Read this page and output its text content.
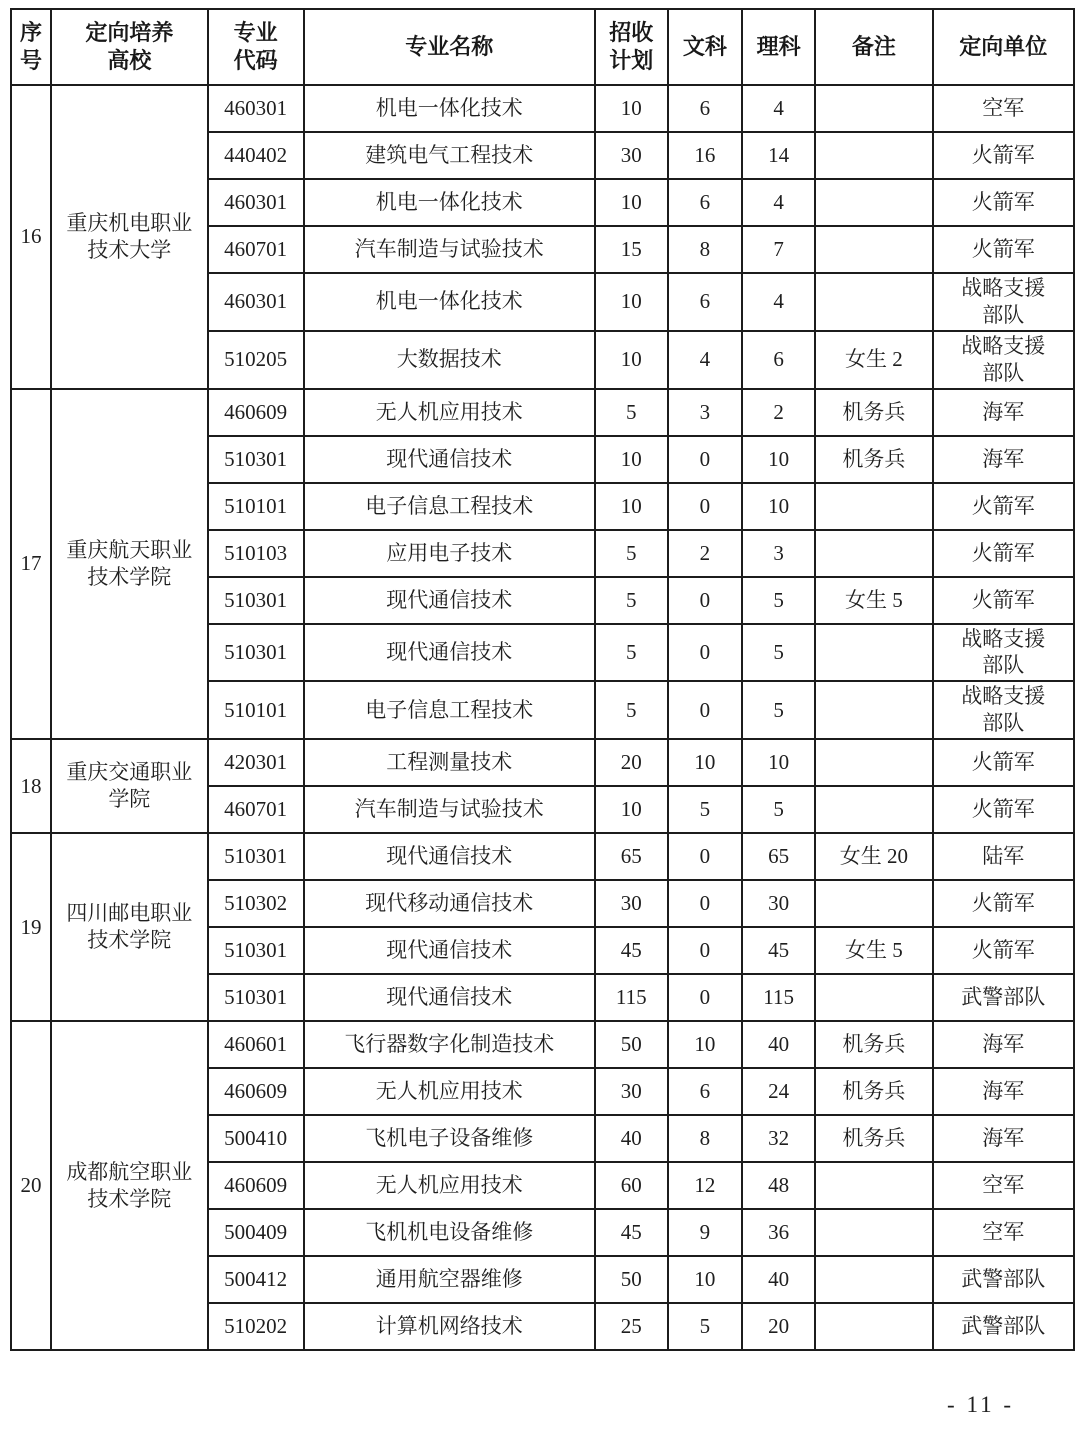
序号	定向培养高校	专业代码	专业名称	招收计划	文科	理科	备注	定向单位
16	重庆机电职业技术大学	460301	机电一体化技术	10	6	4		空军
		440402	建筑电气工程技术	30	16	14		火箭军
		460301	机电一体化技术	10	6	4		火箭军
		460701	汽车制造与试验技术	15	8	7		火箭军
		460301	机电一体化技术	10	6	4		战略支援部队
		510205	大数据技术	10	4	6	女生 2	战略支援部队
17	重庆航天职业技术学院	460609	无人机应用技术	5	3	2	机务兵	海军
		510301	现代通信技术	10	0	10	机务兵	海军
		510101	电子信息工程技术	10	0	10		火箭军
		510103	应用电子技术	5	2	3		火箭军
		510301	现代通信技术	5	0	5	女生 5	火箭军
		510301	现代通信技术	5	0	5		战略支援部队
		510101	电子信息工程技术	5	0	5		战略支援部队
18	重庆交通职业学院	420301	工程测量技术	20	10	10		火箭军
		460701	汽车制造与试验技术	10	5	5		火箭军
19	四川邮电职业技术学院	510301	现代通信技术	65	0	65	女生 20	陆军
		510302	现代移动通信技术	30	0	30		火箭军
		510301	现代通信技术	45	0	45	女生 5	火箭军
		510301	现代通信技术	115	0	115		武警部队
20	成都航空职业技术学院	460601	飞行器数字化制造技术	50	10	40	机务兵	海军
		460609	无人机应用技术	30	6	24	机务兵	海军
		500410	飞机电子设备维修	40	8	32	机务兵	海军
		460609	无人机应用技术	60	12	48		空军
		500409	飞机机电设备维修	45	9	36		空军
		500412	通用航空器维修	50	10	40		武警部队
		510202	计算机网络技术	25	5	20		武警部队
- 11 -
